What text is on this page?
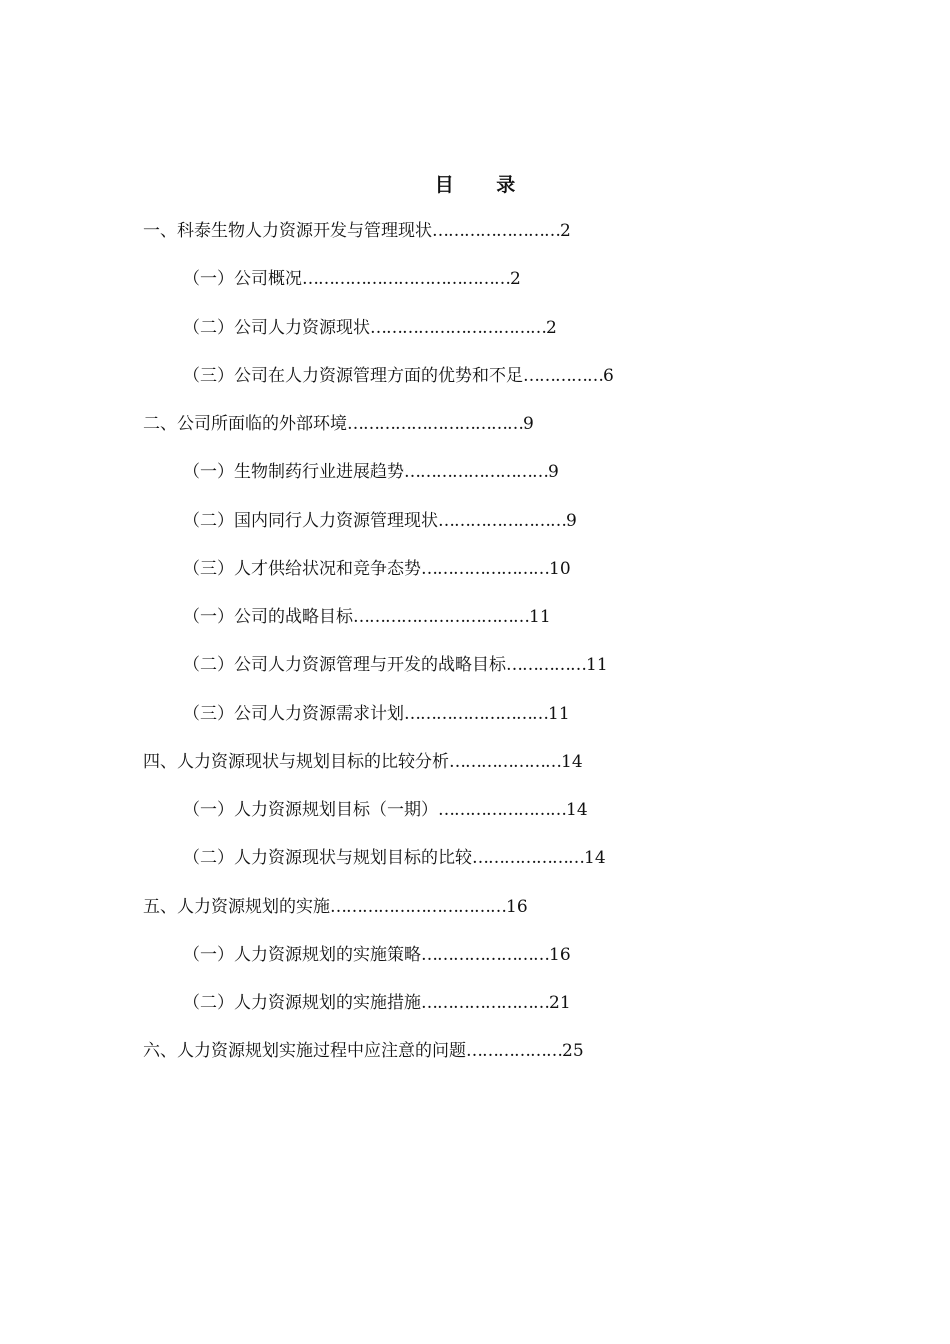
目 录
一、科泰生物人力资源开发与管理现状……………………2
（一）公司概况…………………………………2
（二）公司人力资源现状……………………………2
（三）公司在人力资源管理方面的优势和不足……………6
二、公司所面临的外部环境……………………………9
（一）生物制药行业进展趋势………………………9
（二）国内同行人力资源管理现状……………………9
（三）人才供给状况和竞争态势……………………10
（一）公司的战略目标……………………………11
（二）公司人力资源管理与开发的战略目标……………11
（三）公司人力资源需求计划………………………11
四、人力资源现状与规划目标的比较分析…………………14
（一）人力资源规划目标（一期）……………………14
（二）人力资源现状与规划目标的比较…………………14
五、人力资源规划的实施……………………………16
（一）人力资源规划的实施策略……………………16
（二）人力资源规划的实施措施……………………21
六、人力资源规划实施过程中应注意的问题………………25
